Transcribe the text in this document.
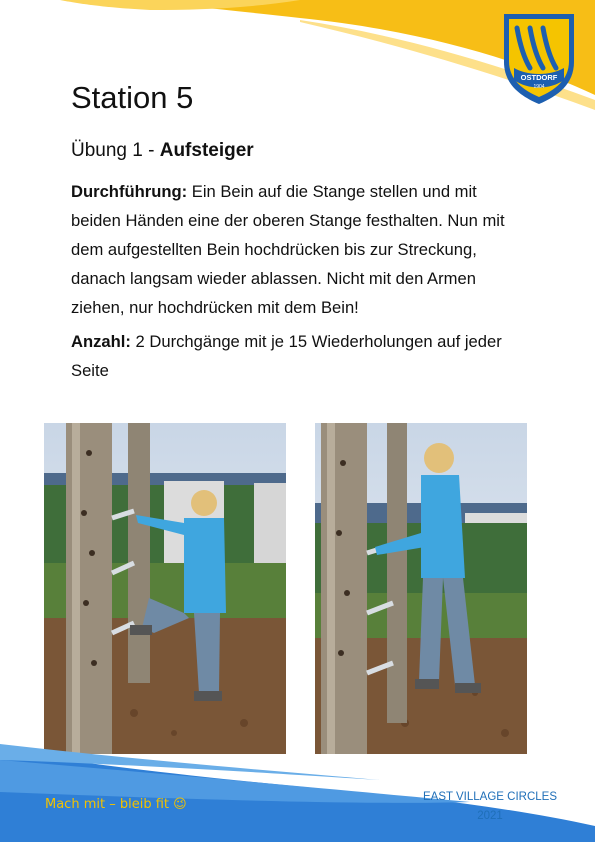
OSTDORF
1904
Station 5
Übung 1 - Aufsteiger
Durchführung: Ein Bein auf die Stange stellen und mit beiden Händen eine der oberen Stange festhalten. Nun mit dem aufgestellten Bein hochdrücken bis zur Streckung, danach langsam wieder ablassen. Nicht mit den Armen ziehen, nur hochdrücken mit dem Bein!
Anzahl: 2 Durchgänge mit je 15 Wiederholungen auf jeder Seite
Mach mit – bleib fit 😉	EAST VILLAGE CIRCLES
2021
